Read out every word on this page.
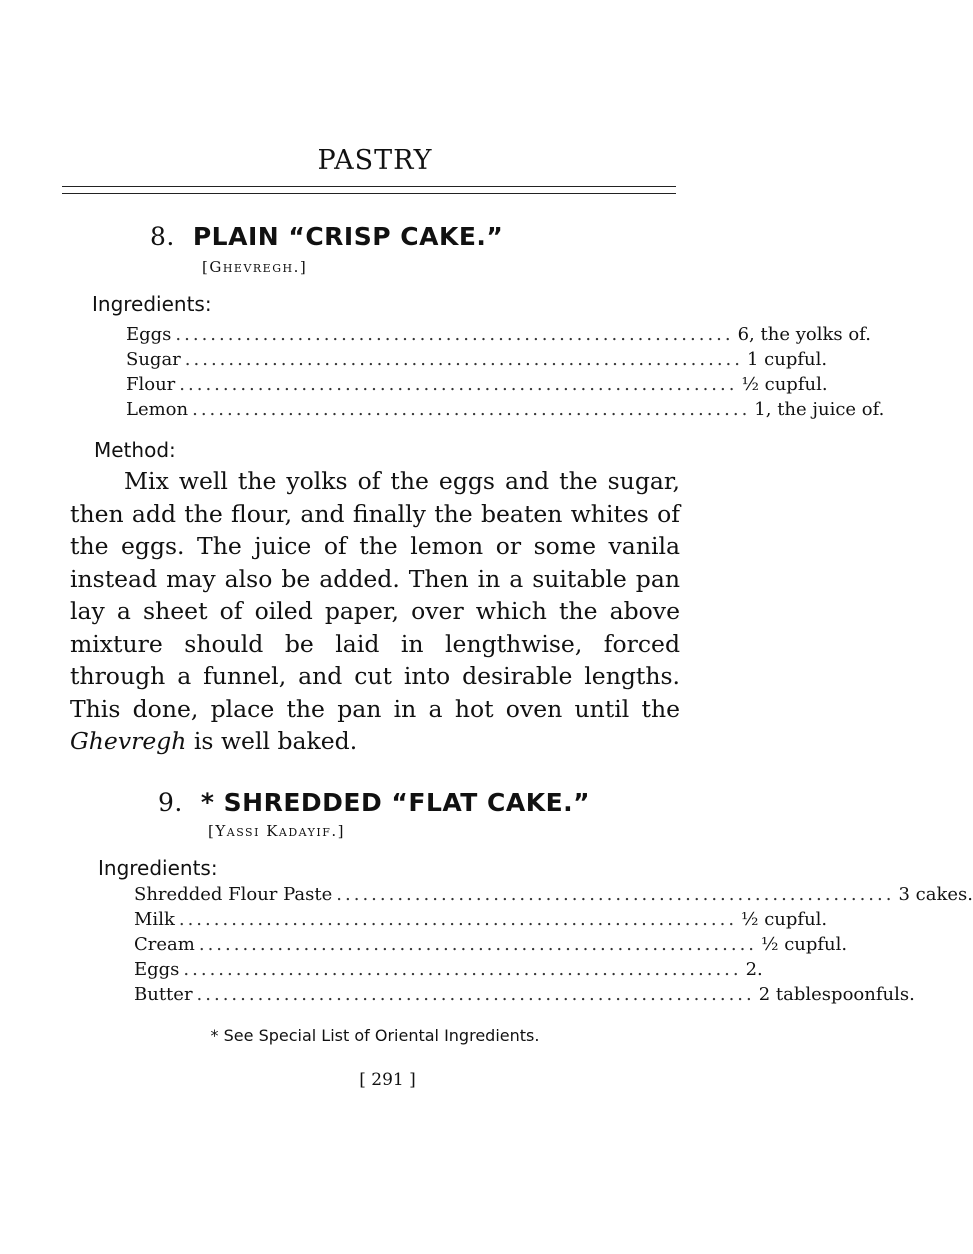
PASTRY
8. PLAIN “CRISP CAKE.”
[Ghevregh.]
Ingredients:
Eggs ................................................................ 6, the yolks of.
Sugar ................................................................ 1 cupful.
Flour ................................................................ ½ cupful.
Lemon ................................................................ 1, the juice of.
Method:

Mix well the yolks of the eggs and the sugar, then add the flour, and finally the beaten whites of the eggs. The juice of the lemon or some vanila instead may also be added. Then in a suitable pan lay a sheet of oiled paper, over which the above mixture should be laid in lengthwise, forced through a funnel, and cut into desirable lengths. This done, place the pan in a hot oven until the Ghevregh is well baked.

9. * SHREDDED “FLAT CAKE.”
[Yassi Kadayif.]
Ingredients:
Shredded Flour Paste ................................................................ 3 cakes.
Milk ................................................................ ½ cupful.
Cream ................................................................ ½ cupful.
Eggs ................................................................ 2.
Butter ................................................................ 2 tablespoonfuls.
* See Special List of Oriental Ingredients.
[ 291 ]
